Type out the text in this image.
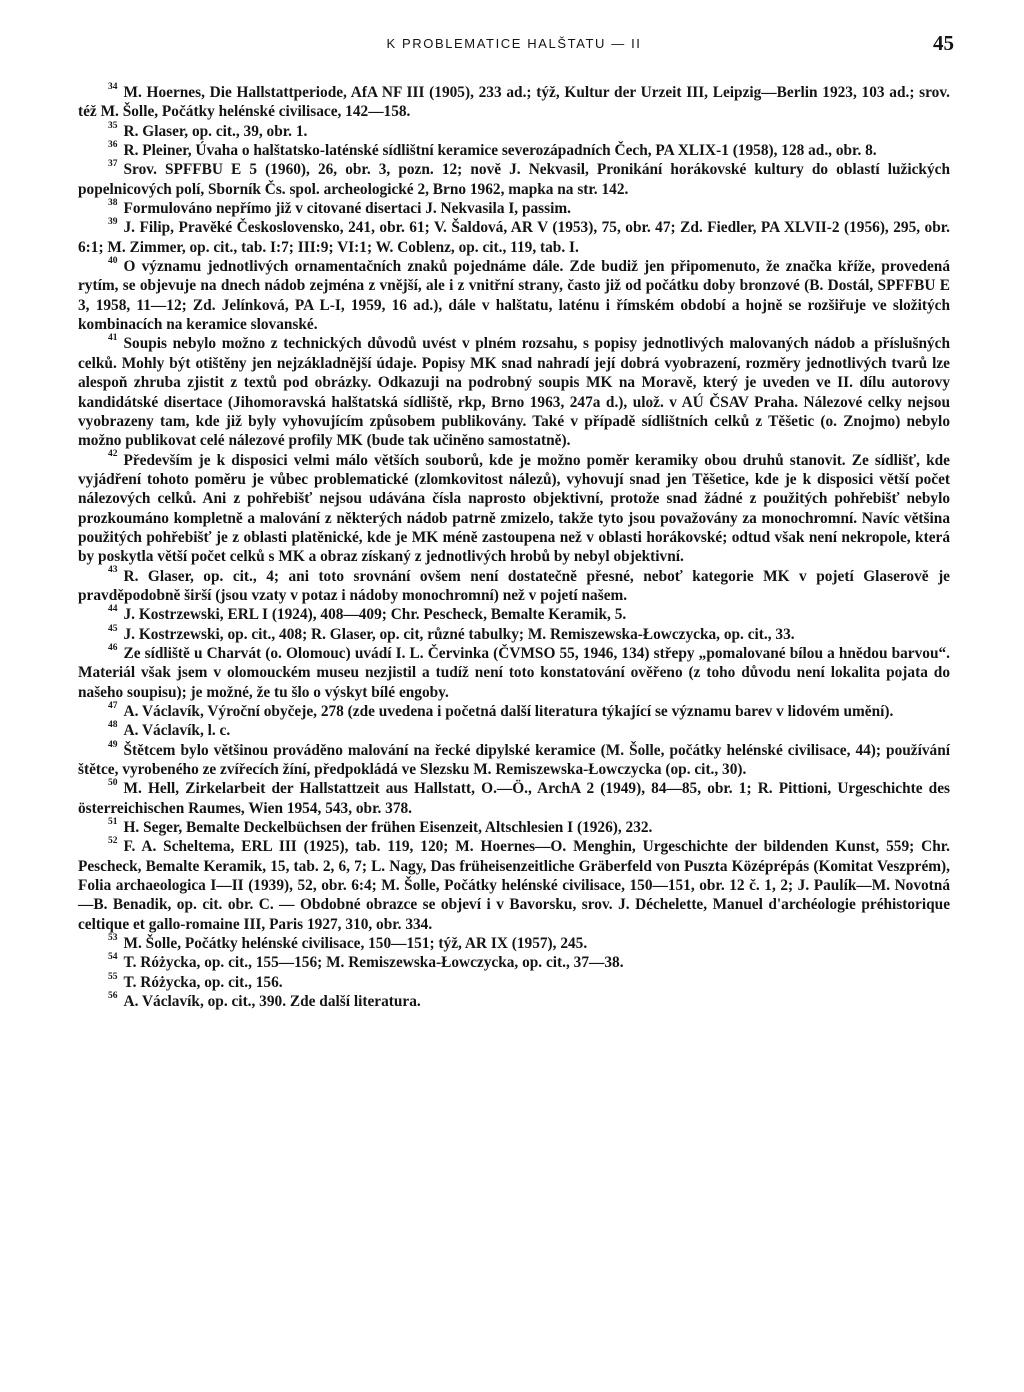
K PROBLEMATICE HALŠTATU — II	45

$^{34}$ M. Hoernes, Die Hallstattperiode, AfA NF III (1905), 233 ad.; týž, Kultur der Urzeit III, Leipzig—Berlin 1923, 103 ad.; srov. též M. Šolle, Počátky helénské civilisace, 142—158.

$^{35}$ R. Glaser, op. cit., 39, obr. 1.

$^{36}$ R. Pleiner, Úvaha o halštatsko-laténské sídlištní keramice severozápadních Čech, PA XLIX-1 (1958), 128 ad., obr. 8.

$^{37}$ Srov. SPFFBU E 5 (1960), 26, obr. 3, pozn. 12; nově J. Nekvasil, Pronikání horákovské kultury do oblastí lužických popelnicových polí, Sborník Čs. spol. archeologické 2, Brno 1962, mapka na str. 142.

$^{38}$ Formulováno nepřímo již v citované disertaci J. Nekvasila I, passim.

$^{39}$ J. Filip, Pravěké Československo, 241, obr. 61; V. Šaldová, AR V (1953), 75, obr. 47; Zd. Fiedler, PA XLVII-2 (1956), 295, obr. 6:1; M. Zimmer, op. cit., tab. I:7; III:9; VI:1; W. Coblenz, op. cit., 119, tab. I.

$^{40}$ O významu jednotlivých ornamentačních znaků pojednáme dále. Zde budiž jen připomenuto, že značka kříže, provedená rytím, se objevuje na dnech nádob zejména z vnější, ale i z vnitřní strany, často již od počátku doby bronzové (B. Dostál, SPFFBU E 3, 1958, 11—12; Zd. Jelínková, PA L-I, 1959, 16 ad.), dále v halštatu, laténu i římském období a hojně se rozšiřuje ve složitých kombinacích na keramice slovanské.

$^{41}$ Soupis nebylo možno z technických důvodů uvést v plném rozsahu, s popisy jednotlivých malovaných nádob a příslušných celků. Mohly být otištěny jen nejzákladnější údaje. Popisy MK snad nahradí její dobrá vyobrazení, rozměry jednotlivých tvarů lze alespoň zhruba zjistit z textů pod obrázky. Odkazuji na podrobný soupis MK na Moravě, který je uveden ve II. dílu autorovy kandidátské disertace (Jihomoravská halštatská sídliště, rkp, Brno 1963, 247a d.), ulož. v AÚ ČSAV Praha. Nálezové celky nejsou vyobrazeny tam, kde již byly vyhovujícím způsobem publikovány. Také v případě sídlištních celků z Těšetic (o. Znojmo) nebylo možno publikovat celé nálezové profily MK (bude tak učiněno samostatně).

$^{42}$ Především je k disposici velmi málo větších souborů, kde je možno poměr keramiky obou druhů stanovit. Ze sídlišť, kde vyjádření tohoto poměru je vůbec problematické (zlomkovitost nálezů), vyhovují snad jen Těšetice, kde je k disposici větší počet nálezových celků. Ani z pohřebišť nejsou udávána čísla naprosto objektivní, protože snad žádné z použitých pohřebišť nebylo prozkoumáno kompletně a malování z některých nádob patrně zmizelo, takže tyto jsou považovány za monochromní. Navíc většina použitých pohřebišť je z oblasti platěnické, kde je MK méně zastoupena než v oblasti horákovské; odtud však není nekropole, která by poskytla větší počet celků s MK a obraz získaný z jednotlivých hrobů by nebyl objektivní.

$^{43}$ R. Glaser, op. cit., 4; ani toto srovnání ovšem není dostatečně přesné, neboť kategorie MK v pojetí Glaserově je pravděpodobně širší (jsou vzaty v potaz i nádoby monochromní) než v pojetí našem.

$^{44}$ J. Kostrzewski, ERL I (1924), 408—409; Chr. Pescheck, Bemalte Keramik, 5.

$^{45}$ J. Kostrzewski, op. cit., 408; R. Glaser, op. cit, různé tabulky; M. Remiszewska-Łowczycka, op. cit., 33.

$^{46}$ Ze sídliště u Charvát (o. Olomouc) uvádí I. L. Červinka (ČVMSO 55, 1946, 134) střepy „pomalované bílou a hnědou barvou“. Materiál však jsem v olomouckém museu nezjistil a tudíž není toto konstatování ověřeno (z toho důvodu není lokalita pojata do našeho soupisu); je možné, že tu šlo o výskyt bílé engoby.

$^{47}$ A. Václavík, Výroční obyčeje, 278 (zde uvedena i početná další literatura týkající se významu barev v lidovém umění).

$^{48}$ A. Václavík, l. c.

$^{49}$ Štětcem bylo většinou prováděno malování na řecké dipylské keramice (M. Šolle, počátky helénské civilisace, 44); používání štětce, vyrobeného ze zvířecích žíní, předpokládá ve Slezsku M. Remiszewska-Łowczycka (op. cit., 30).

$^{50}$ M. Hell, Zirkelarbeit der Hallstattzeit aus Hallstatt, O.—Ö., ArchA 2 (1949), 84—85, obr. 1; R. Pittioni, Urgeschichte des österreichischen Raumes, Wien 1954, 543, obr. 378.

$^{51}$ H. Seger, Bemalte Deckelbüchsen der frühen Eisenzeit, Altschlesien I (1926), 232.

$^{52}$ F. A. Scheltema, ERL III (1925), tab. 119, 120; M. Hoernes—O. Menghin, Urgeschichte der bildenden Kunst, 559; Chr. Pescheck, Bemalte Keramik, 15, tab. 2, 6, 7; L. Nagy, Das früheisenzeitliche Gräberfeld von Puszta Középrépás (Komitat Veszprém), Folia archaeologica I—II (1939), 52, obr. 6:4; M. Šolle, Počátky helénské civilisace, 150—151, obr. 12 č. 1, 2; J. Paulík—M. Novotná—B. Benadik, op. cit. obr. C. — Obdobné obrazce se objeví i v Bavorsku, srov. J. Déchelette, Manuel d'archéologie préhistorique celtique et gallo-romaine III, Paris 1927, 310, obr. 334.

$^{53}$ M. Šolle, Počátky helénské civilisace, 150—151; týž, AR IX (1957), 245.

$^{54}$ T. Różycka, op. cit., 155—156; M. Remiszewska-Łowczycka, op. cit., 37—38.

$^{55}$ T. Różycka, op. cit., 156.

$^{56}$ A. Václavík, op. cit., 390. Zde další literatura.
